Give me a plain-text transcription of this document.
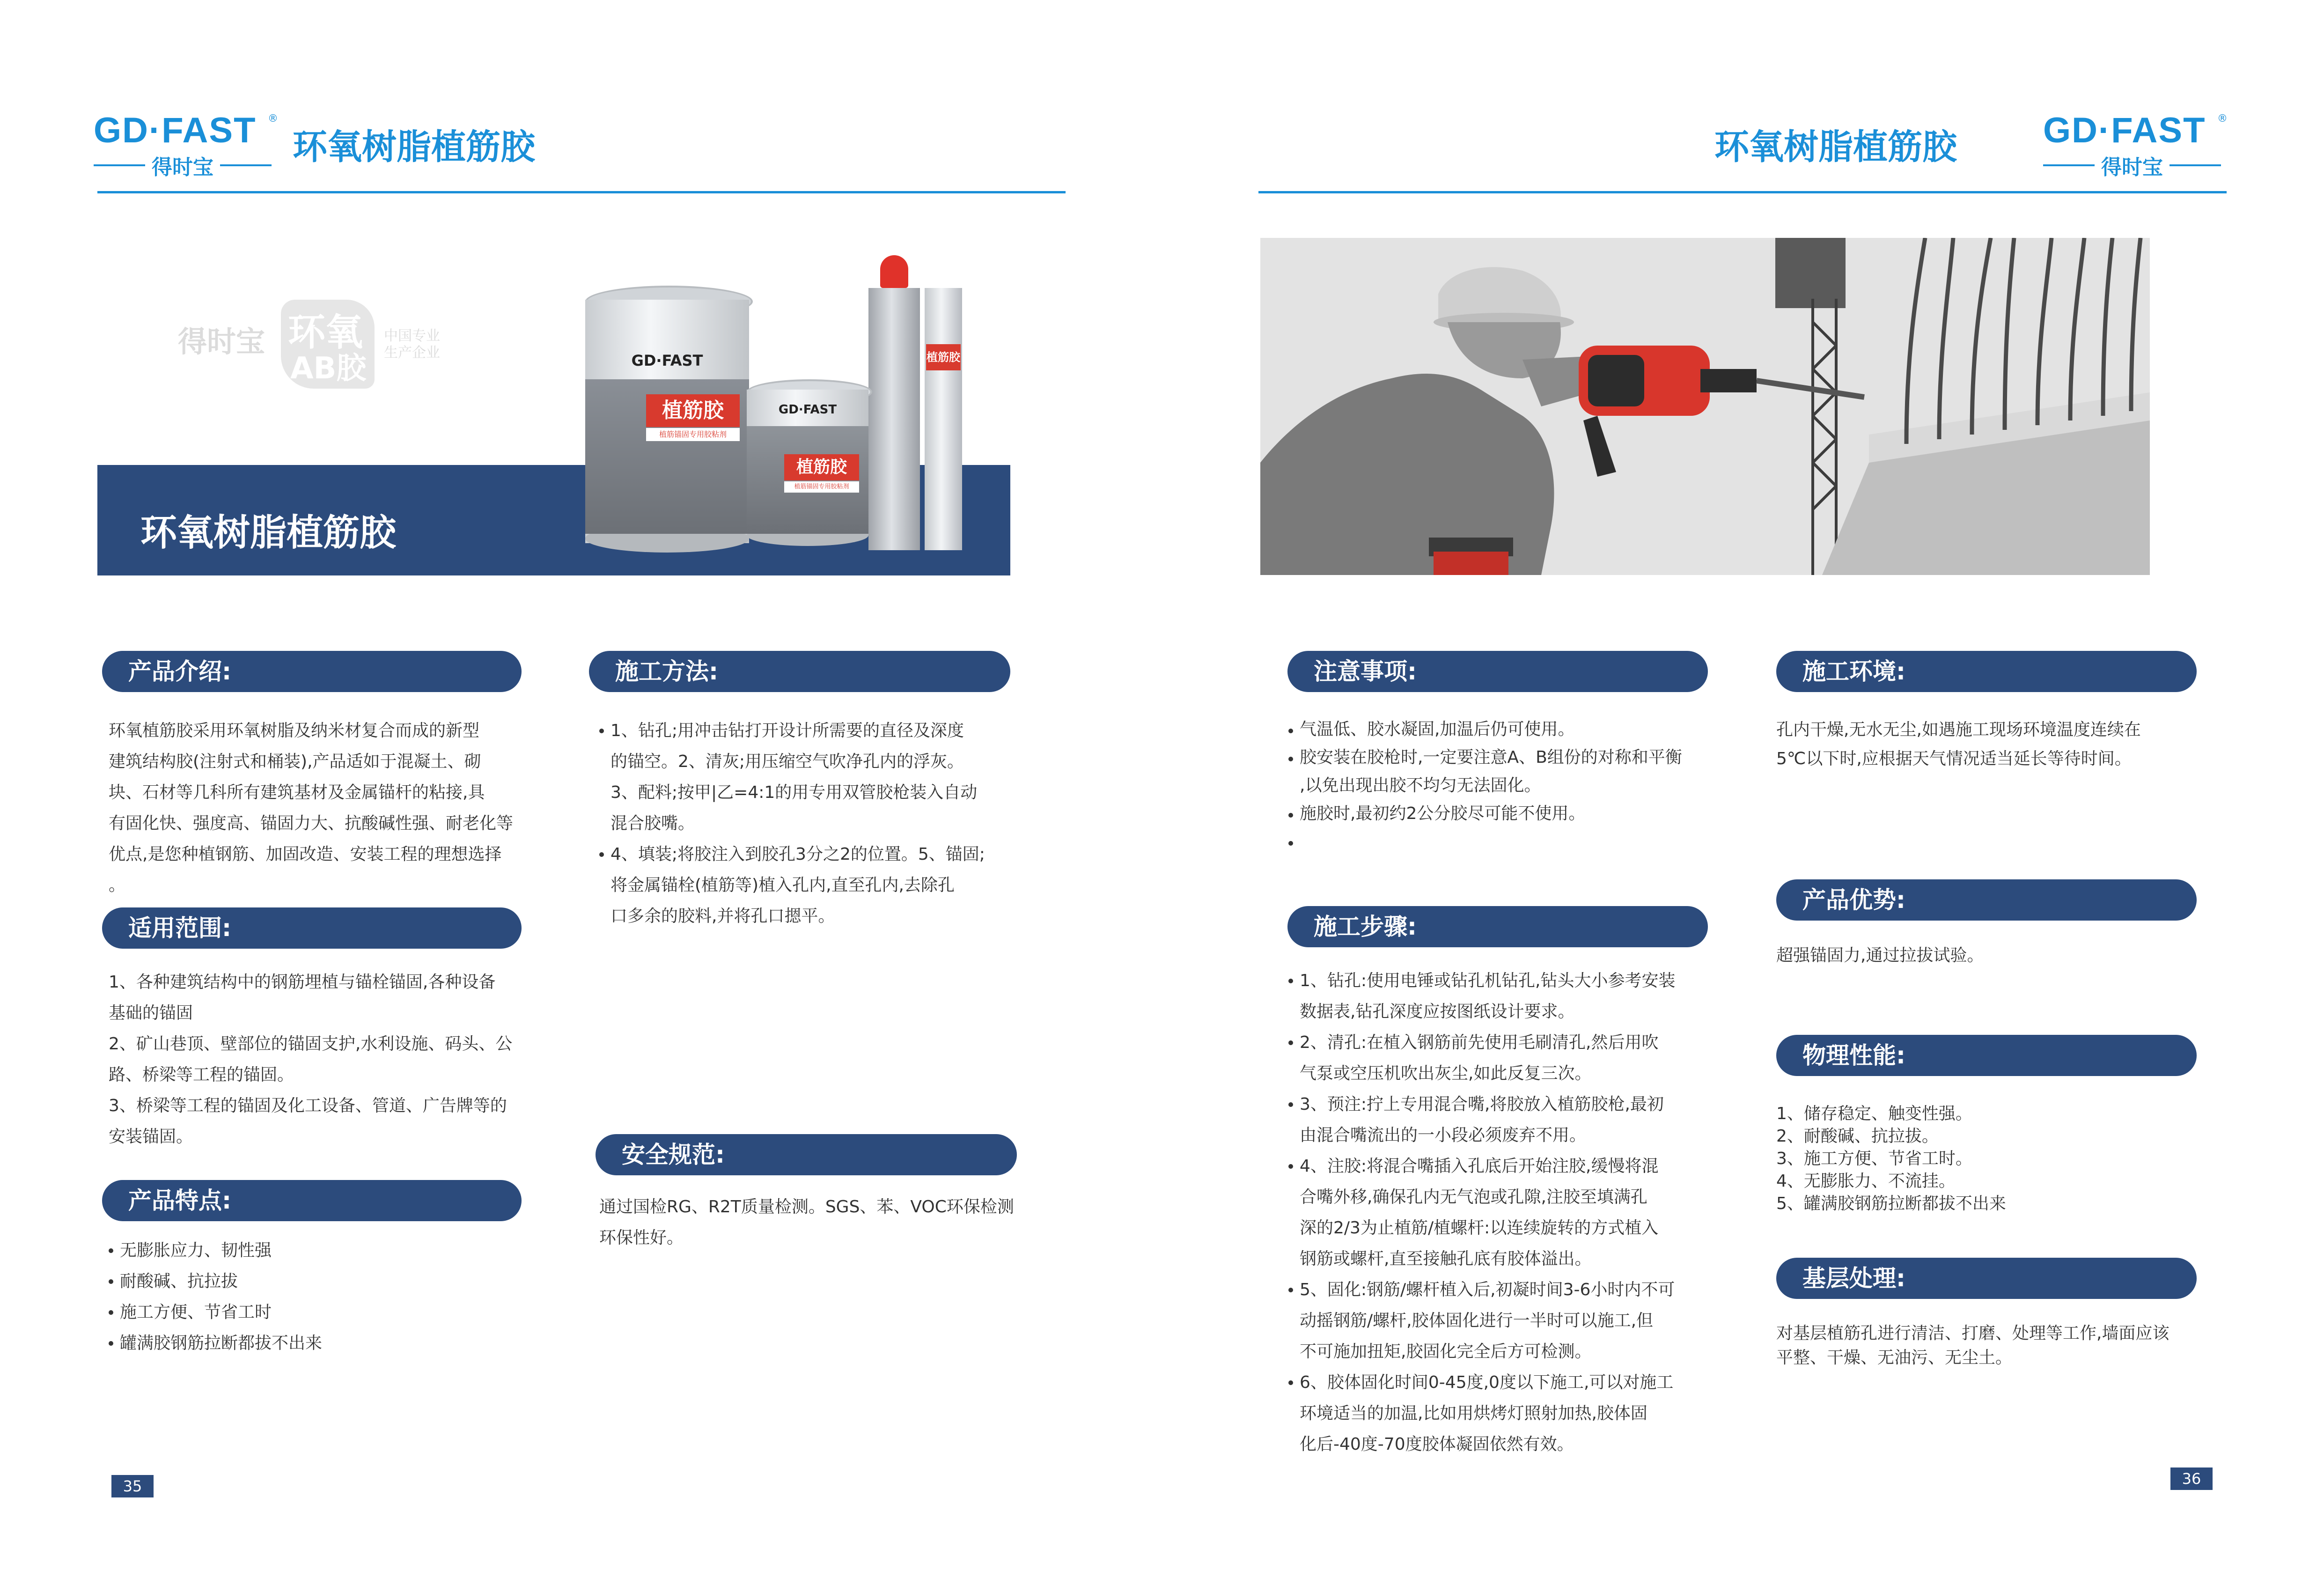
GD·FAST ®
得时宝
环氧树脂植筋胶
得时宝 环氧
AB胶
中国专业
生产企业	GD·FAST
植筋胶
植筋锚固专用胶粘剂
植筋胶
GD·FAST
植筋胶
植筋锚固专用胶粘剂
环氧树脂植筋胶
产品介绍:

环氧植筋胶采用环氧树脂及纳米材复合而成的新型

建筑结构胶(注射式和桶装),产品适如于混凝土、砌

块、石材等几科所有建筑基材及金属锚杆的粘接,具

有固化快、强度高、锚固力大、抗酸碱性强、耐老化等

优点,是您种植钢筋、加固改造、安装工程的理想选择

。

适用范围:

1、各种建筑结构中的钢筋埋植与锚栓锚固,各种设备

基础的锚固

2、矿山巷顶、壁部位的锚固支护,水利设施、码头、公

路、桥梁等工程的锚固。

3、桥梁等工程的锚固及化工设备、管道、广告牌等的

安装锚固。

产品特点:

无膨胀应力、韧性强

耐酸碱、抗拉拔

施工方便、节省工时

罐满胶钢筋拉断都拔不出来

施工方法:

1、钻孔;用冲击钻打开设计所需要的直径及深度

的锚空。2、清灰;用压缩空气吹净孔内的浮灰。

3、配料;按甲|乙=4:1的用专用双管胶枪装入自动

混合胶嘴。

4、填装;将胶注入到胶孔3分之2的位置。5、锚固;

将金属锚栓(植筋等)植入孔内,直至孔内,去除孔

口多余的胶料,并将孔口摁平。

安全规范:

通过国检RG、R2T质量检测。SGS、苯、VOC环保检测

环保性好。

35
环氧树脂植筋胶 GD·FAST ®
得时宝
注意事项:

气温低、胶水凝固,加温后仍可使用。

胶安装在胶枪时,一定要注意A、B组份的对称和平衡

,以免出现出胶不均匀无法固化。

施胶时,最初约2公分胶尽可能不使用。

施工步骤:

1、钻孔:使用电锤或钻孔机钻孔,钻头大小参考安装

数据表,钻孔深度应按图纸设计要求。

2、清孔:在植入钢筋前先使用毛刷清孔,然后用吹

气泵或空压机吹出灰尘,如此反复三次。

3、预注:拧上专用混合嘴,将胶放入植筋胶枪,最初

由混合嘴流出的一小段必须废弃不用。

4、注胶:将混合嘴插入孔底后开始注胶,缓慢将混

合嘴外移,确保孔内无气泡或孔隙,注胶至填满孔

深的2/3为止植筋/植螺杆:以连续旋转的方式植入

钢筋或螺杆,直至接触孔底有胶体溢出。

5、固化:钢筋/螺杆植入后,初凝时间3-6小时内不可

动摇钢筋/螺杆,胶体固化进行一半时可以施工,但

不可施加扭矩,胶固化完全后方可检测。

6、胶体固化时间0-45度,0度以下施工,可以对施工

环境适当的加温,比如用烘烤灯照射加热,胶体固

化后-40度-70度胶体凝固依然有效。

施工环境:

孔内干燥,无水无尘,如遇施工现场环境温度连续在

5℃以下时,应根据天气情况适当延长等待时间。

产品优势:

超强锚固力,通过拉拔试验。

物理性能:

1、储存稳定、触变性强。

2、耐酸碱、抗拉拔。

3、施工方便、节省工时。

4、无膨胀力、不流挂。

5、罐满胶钢筋拉断都拔不出来

基层处理:

对基层植筋孔进行清洁、打磨、处理等工作,墙面应该

平整、干燥、无油污、无尘土。

36
